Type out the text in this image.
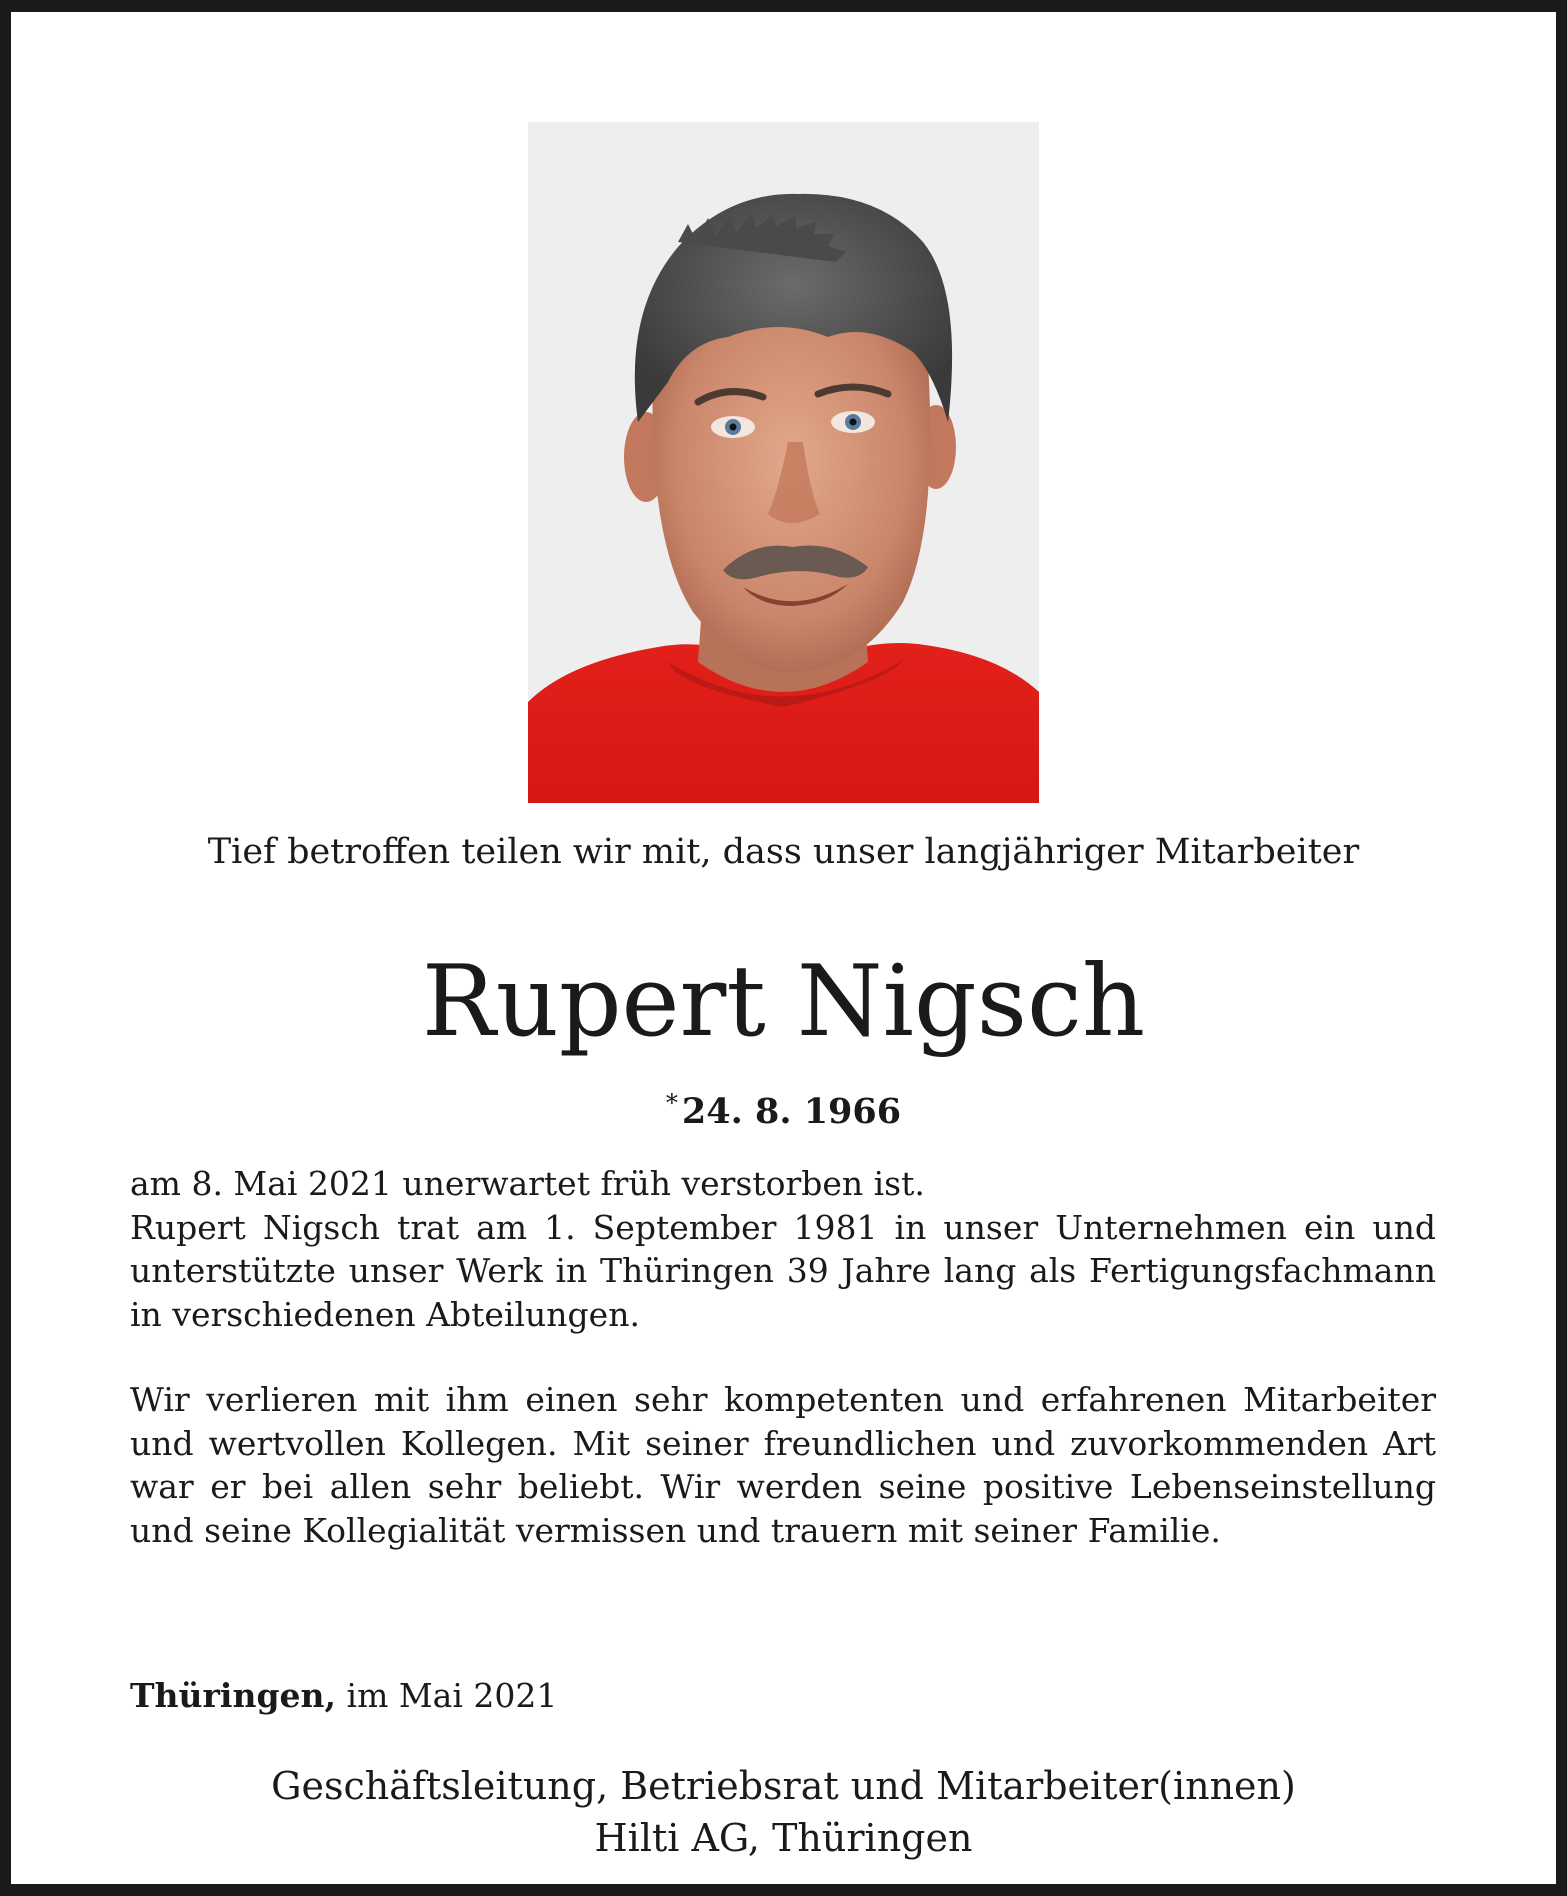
Tief betroffen teilen wir mit, dass unser langjähriger Mitarbeiter
Rupert Nigsch
* 24. 8. 1966

am 8. Mai 2021 unerwartet früh verstorben ist.
Rupert Nigsch trat am 1. September 1981 in unser Unternehmen ein und
unterstützte unser Werk in Thüringen 39 Jahre lang als Fertigungsfachmann
in verschiedenen Abteilungen.

Wir verlieren mit ihm einen sehr kompetenten und erfahrenen Mitarbeiter
und wertvollen Kollegen. Mit seiner freundlichen und zuvorkommenden Art
war er bei allen sehr beliebt. Wir werden seine positive Lebenseinstellung
und seine Kollegialität vermissen und trauern mit seiner Familie.

Thüringen, im Mai 2021
Geschäftsleitung, Betriebsrat und Mitarbeiter(innen)
Hilti AG, Thüringen
